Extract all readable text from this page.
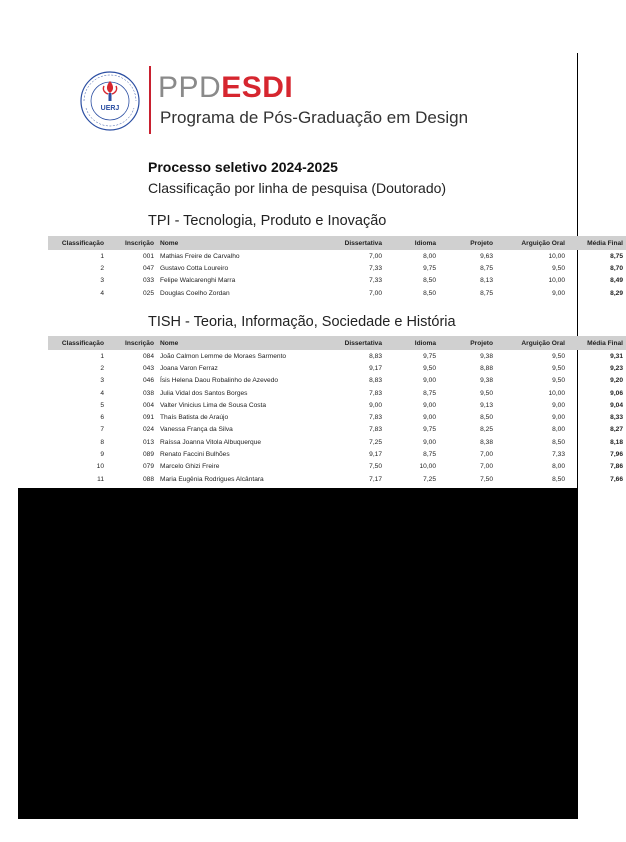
UERJ
PPDESDI
Programa de Pós-Graduação em Design
Processo seletivo 2024-2025
Classificação por linha de pesquisa (Doutorado)
TPI - Tecnologia, Produto e Inovação
Classificação	Inscrição	Nome	Dissertativa	Idioma	Projeto	Arguição Oral	Média Final
1	001	Mathias Freire de Carvalho	7,00	8,00	9,63	10,00	8,75
2	047	Gustavo Cotta Loureiro	7,33	9,75	8,75	9,50	8,70
3	033	Felipe Walcarenghi Marra	7,33	8,50	8,13	10,00	8,49
4	025	Douglas Coelho Zordan	7,00	8,50	8,75	9,00	8,29
TISH - Teoria, Informação, Sociedade e História
Classificação	Inscrição	Nome	Dissertativa	Idioma	Projeto	Arguição Oral	Média Final
1	084	João Calmon Lemme de Moraes Sarmento	8,83	9,75	9,38	9,50	9,31
2	043	Joana Varon Ferraz	9,17	9,50	8,88	9,50	9,23
3	046	Ísis Helena Daou Robalinho de Azevedo	8,83	9,00	9,38	9,50	9,20
4	038	Julia Vidal dos Santos Borges	7,83	8,75	9,50	10,00	9,06
5	004	Valter Vinicius Lima de Sousa Costa	9,00	9,00	9,13	9,00	9,04
6	091	Thaís Batista de Araújo	7,83	9,00	8,50	9,00	8,33
7	024	Vanessa França da Silva	7,83	9,75	8,25	8,00	8,27
8	013	Raíssa Joanna Vitola Albuquerque	7,25	9,00	8,38	8,50	8,18
9	089	Renato Faccini Bulhões	9,17	8,75	7,00	7,33	7,96
10	079	Marcelo Ghizi Freire	7,50	10,00	7,00	8,00	7,86
11	088	Maria Eugênia Rodrigues Alcântara	7,17	7,25	7,50	8,50	7,66
